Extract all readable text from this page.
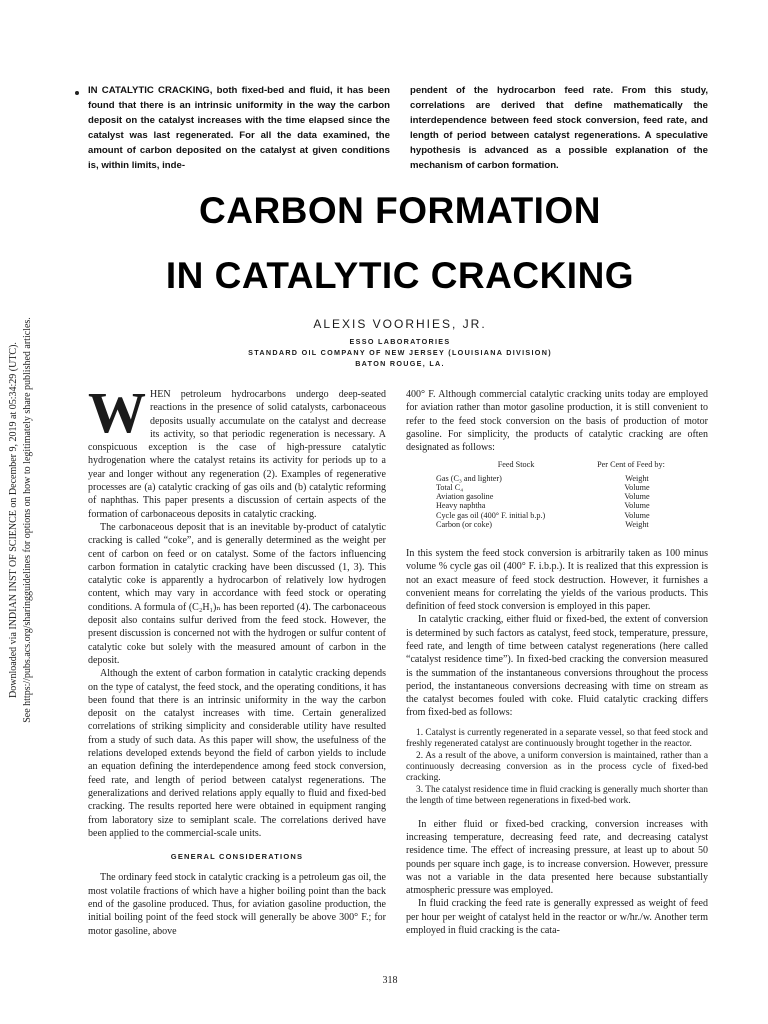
Downloaded via INDIAN INST OF SCIENCE on December 9, 2019 at 05:34:29 (UTC). See https://pubs.acs.org/sharingguidelines for options on how to legitimately share published articles.
IN CATALYTIC CRACKING, both fixed-bed and fluid, it has been found that there is an intrinsic uniformity in the way the carbon deposit on the catalyst increases with the time elapsed since the catalyst was last regenerated. For all the data examined, the amount of carbon deposited on the catalyst at given conditions is, within limits, inde-
pendent of the hydrocarbon feed rate. From this study, correlations are derived that define mathematically the interdependence between feed stock conversion, feed rate, and length of period between catalyst regenerations. A speculative hypothesis is advanced as a possible explanation of the mechanism of carbon formation.
CARBON FORMATION
IN CATALYTIC CRACKING
ALEXIS VOORHIES, JR.
ESSO LABORATORIES
STANDARD OIL COMPANY OF NEW JERSEY (LOUISIANA DIVISION)
BATON ROUGE, LA.

WHEN petroleum hydrocarbons undergo deep-seated reactions in the presence of solid catalysts, carbonaceous deposits usually accumulate on the catalyst and decrease its activity, so that periodic regeneration is necessary. A conspicuous exception is the case of high-pressure catalytic hydrogenation where the catalyst retains its activity for periods up to a year and longer without any regeneration (2). Examples of regenerative processes are (a) catalytic cracking of gas oils and (b) catalytic reforming of naphthas. This paper presents a discussion of certain aspects of the formation of carbonaceous deposits in catalytic cracking.

The carbonaceous deposit that is an inevitable by-product of catalytic cracking is called “coke”, and is generally determined as the weight per cent of carbon on feed or on catalyst. Some of the factors influencing carbon formation in catalytic cracking have been discussed (1, 3). This catalytic coke is apparently a hydrocarbon of relatively low hydrogen content, which may vary in accordance with feed stock or operating conditions. A formula of (C₂H₁)ₙ has been reported (4). The carbonaceous deposit also contains sulfur derived from the feed stock. However, the present discussion is concerned not with the hydrogen or sulfur content of catalytic coke but solely with the measured amount of carbon in the deposit.

Although the extent of carbon formation in catalytic cracking depends on the type of catalyst, the feed stock, and the operating conditions, it has been found that there is an intrinsic uniformity in the way the carbon deposit on the catalyst increases with time. Certain generalized correlations of striking simplicity and considerable utility have resulted from a study of such data. As this paper will show, the usefulness of the relations developed extends beyond the field of carbon yields to include an equation defining the interdependence among feed stock conversion, feed rate, and length of period between catalyst regenerations. The generalizations and derived relations apply equally to fluid and fixed-bed cracking. The results reported here were obtained in equipment ranging from laboratory size to semiplant scale. The correlations derived have been applied to the commercial-scale units.

GENERAL CONSIDERATIONS

The ordinary feed stock in catalytic cracking is a petroleum gas oil, the most volatile fractions of which have a higher boiling point than the back end of the gasoline produced. Thus, for aviation gasoline production, the initial boiling point of the feed stock will generally be above 300° F.; for motor gasoline, above

400° F. Although commercial catalytic cracking units today are employed for aviation rather than motor gasoline production, it is still convenient to refer to the feed stock conversion on the basis of production of motor gasoline. For simplicity, the products of catalytic cracking are often designated as follows:

Feed Stock	Per Cent of Feed by:
Gas (C₃ and lighter)	Weight
Total C₄	Volume
Aviation gasoline	Volume
Heavy naphtha	Volume
Cycle gas oil (400° F. initial b.p.)	Volume
Carbon (or coke)	Weight

In this system the feed stock conversion is arbitrarily taken as 100 minus volume % cycle gas oil (400° F. i.b.p.). It is realized that this expression is not an exact measure of feed stock destruction. However, it furnishes a convenient means for correlating the yields of the various products. This definition of feed stock conversion is employed in this paper.

In catalytic cracking, either fluid or fixed-bed, the extent of conversion is determined by such factors as catalyst, feed stock, temperature, pressure, feed rate, and length of time between catalyst regenerations (here called “catalyst residence time”). In fixed-bed cracking the conversion measured is the summation of the instantaneous conversions throughout the process period, the instantaneous conversions decreasing with time on stream as the catalyst becomes fouled with coke. Fluid catalytic cracking differs from fixed-bed as follows:

1. Catalyst is currently regenerated in a separate vessel, so that feed stock and freshly regenerated catalyst are continuously brought together in the reactor.
2. As a result of the above, a uniform conversion is maintained, rather than a continuously decreasing conversion as in the process cycle of fixed-bed cracking.
3. The catalyst residence time in fluid cracking is generally much shorter than the length of time between regenerations in fixed-bed work.

In either fluid or fixed-bed cracking, conversion increases with increasing temperature, decreasing feed rate, and decreasing catalyst residence time. The effect of increasing pressure, at least up to about 50 pounds per square inch gage, is to increase conversion. However, pressure was not a variable in the data presented here because substantially atmospheric pressure was employed.

In fluid cracking the feed rate is generally expressed as weight of feed per hour per weight of catalyst held in the reactor or w/hr./w. Another term employed in fluid cracking is the cata-

318
